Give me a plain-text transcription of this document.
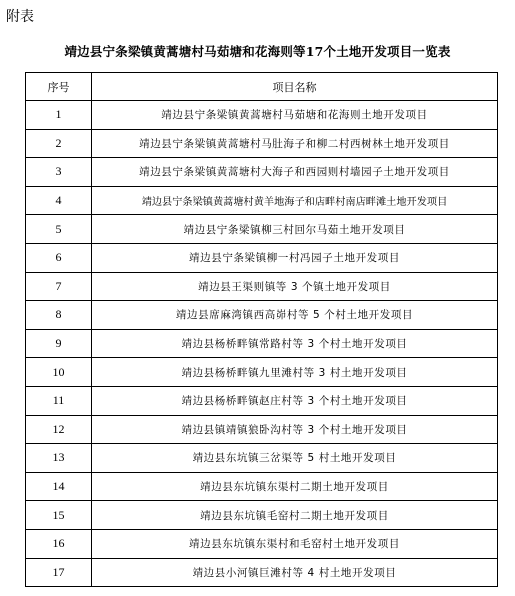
附表
靖边县宁条梁镇黄蒿塘村马茹塘和花海则等17个土地开发项目一览表
序号	项目名称
1	靖边县宁条梁镇黄蒿塘村马茹塘和花海则土地开发项目
2	靖边县宁条梁镇黄蒿塘村马肚海子和柳二村西树林土地开发项目
3	靖边县宁条梁镇黄蒿塘村大海子和西园则村墙园子土地开发项目
4	靖边县宁条梁镇黄蒿塘村黄羊地海子和店畔村南店畔滩土地开发项目
5	靖边县宁条梁镇柳三村回尔马茹土地开发项目
6	靖边县宁条梁镇柳一村冯园子土地开发项目
7	靖边县王渠则镇等 3 个镇土地开发项目
8	靖边县席麻湾镇西高峁村等 5 个村土地开发项目
9	靖边县杨桥畔镇常路村等 3 个村土地开发项目
10	靖边县杨桥畔镇九里滩村等 3 村土地开发项目
11	靖边县杨桥畔镇赵庄村等 3 个村土地开发项目
12	靖边县镇靖镇狼卧沟村等 3 个村土地开发项目
13	靖边县东坑镇三岔渠等 5 村土地开发项目
14	靖边县东坑镇东渠村二期土地开发项目
15	靖边县东坑镇毛窑村二期土地开发项目
16	靖边县东坑镇东渠村和毛窑村土地开发项目
17	靖边县小河镇巨滩村等 4 村土地开发项目
